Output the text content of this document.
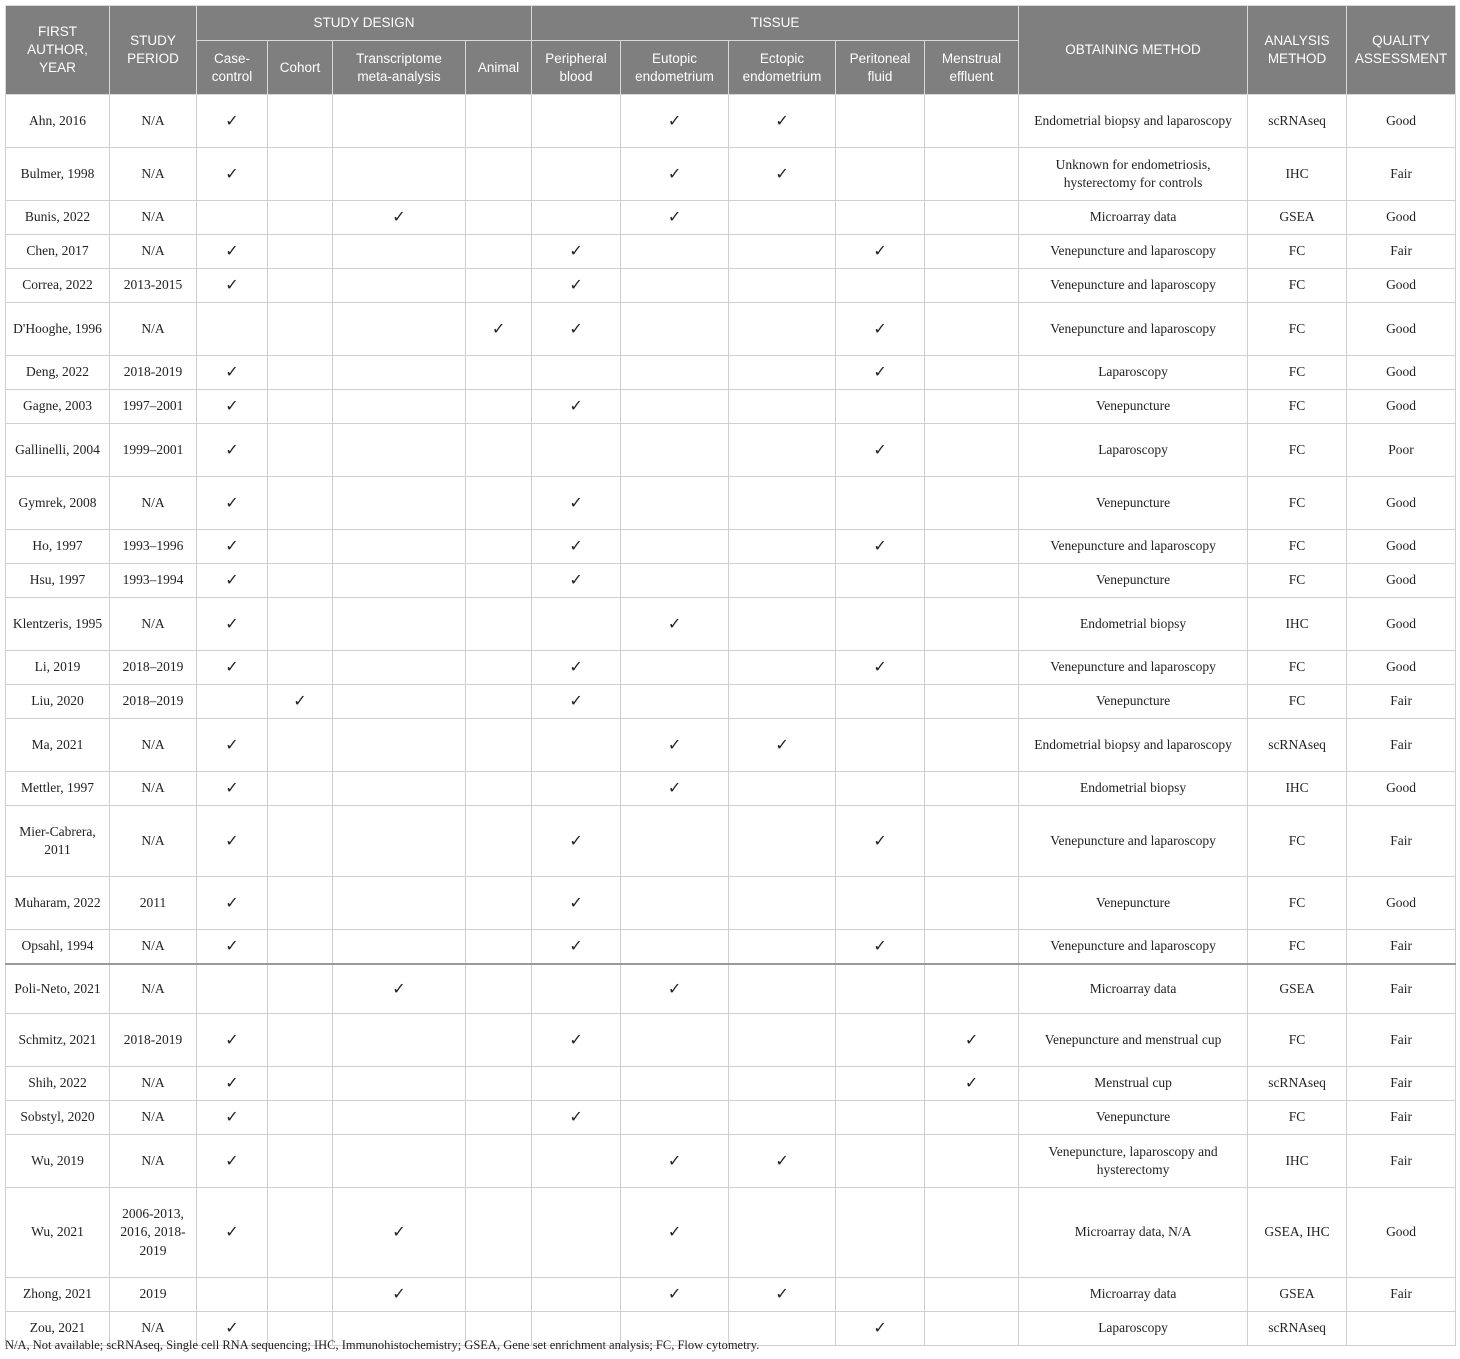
FIRST AUTHOR, YEAR	STUDY PERIOD	STUDY DESIGN				TISSUE					OBTAINING METHOD	ANALYSIS METHOD	QUALITY ASSESSMENT
		Case-control	Cohort	Transcriptome meta-analysis	Animal	Peripheral blood	Eutopic endometrium	Ectopic endometrium	Peritoneal fluid	Menstrual effluent			
Ahn, 2016	N/A	✓					✓	✓			Endometrial biopsy and laparoscopy	scRNAseq	Good
Bulmer, 1998	N/A	✓					✓	✓			Unknown for endometriosis, hysterectomy for controls	IHC	Fair
Bunis, 2022	N/A			✓			✓				Microarray data	GSEA	Good
Chen, 2017	N/A	✓				✓			✓		Venepuncture and laparoscopy	FC	Fair
Correa, 2022	2013-2015	✓				✓					Venepuncture and laparoscopy	FC	Good
D'Hooghe, 1996	N/A				✓	✓			✓		Venepuncture and laparoscopy	FC	Good
Deng, 2022	2018-2019	✓							✓		Laparoscopy	FC	Good
Gagne, 2003	1997–2001	✓				✓					Venepuncture	FC	Good
Gallinelli, 2004	1999–2001	✓							✓		Laparoscopy	FC	Poor
Gymrek, 2008	N/A	✓				✓					Venepuncture	FC	Good
Ho, 1997	1993–1996	✓				✓			✓		Venepuncture and laparoscopy	FC	Good
Hsu, 1997	1993–1994	✓				✓					Venepuncture	FC	Good
Klentzeris, 1995	N/A	✓					✓				Endometrial biopsy	IHC	Good
Li, 2019	2018–2019	✓				✓			✓		Venepuncture and laparoscopy	FC	Good
Liu, 2020	2018–2019		✓			✓					Venepuncture	FC	Fair
Ma, 2021	N/A	✓					✓	✓			Endometrial biopsy and laparoscopy	scRNAseq	Fair
Mettler, 1997	N/A	✓					✓				Endometrial biopsy	IHC	Good
Mier-Cabrera, 2011	N/A	✓				✓			✓		Venepuncture and laparoscopy	FC	Fair
Muharam, 2022	2011	✓				✓					Venepuncture	FC	Good
Opsahl, 1994	N/A	✓				✓			✓		Venepuncture and laparoscopy	FC	Fair
Poli-Neto, 2021	N/A			✓			✓				Microarray data	GSEA	Fair
Schmitz, 2021	2018-2019	✓				✓				✓	Venepuncture and menstrual cup	FC	Fair
Shih, 2022	N/A	✓								✓	Menstrual cup	scRNAseq	Fair
Sobstyl, 2020	N/A	✓				✓					Venepuncture	FC	Fair
Wu, 2019	N/A	✓					✓	✓			Venepuncture, laparoscopy and hysterectomy	IHC	Fair
Wu, 2021	2006-2013, 2016, 2018-2019	✓		✓			✓				Microarray data, N/A	GSEA, IHC	Good
Zhong, 2021	2019			✓			✓	✓			Microarray data	GSEA	Fair
Zou, 2021	N/A	✓							✓		Laparoscopy	scRNAseq	
N/A, Not available; scRNAseq, Single cell RNA sequencing; IHC, Immunohistochemistry; GSEA, Gene set enrichment analysis; FC, Flow cytometry.
